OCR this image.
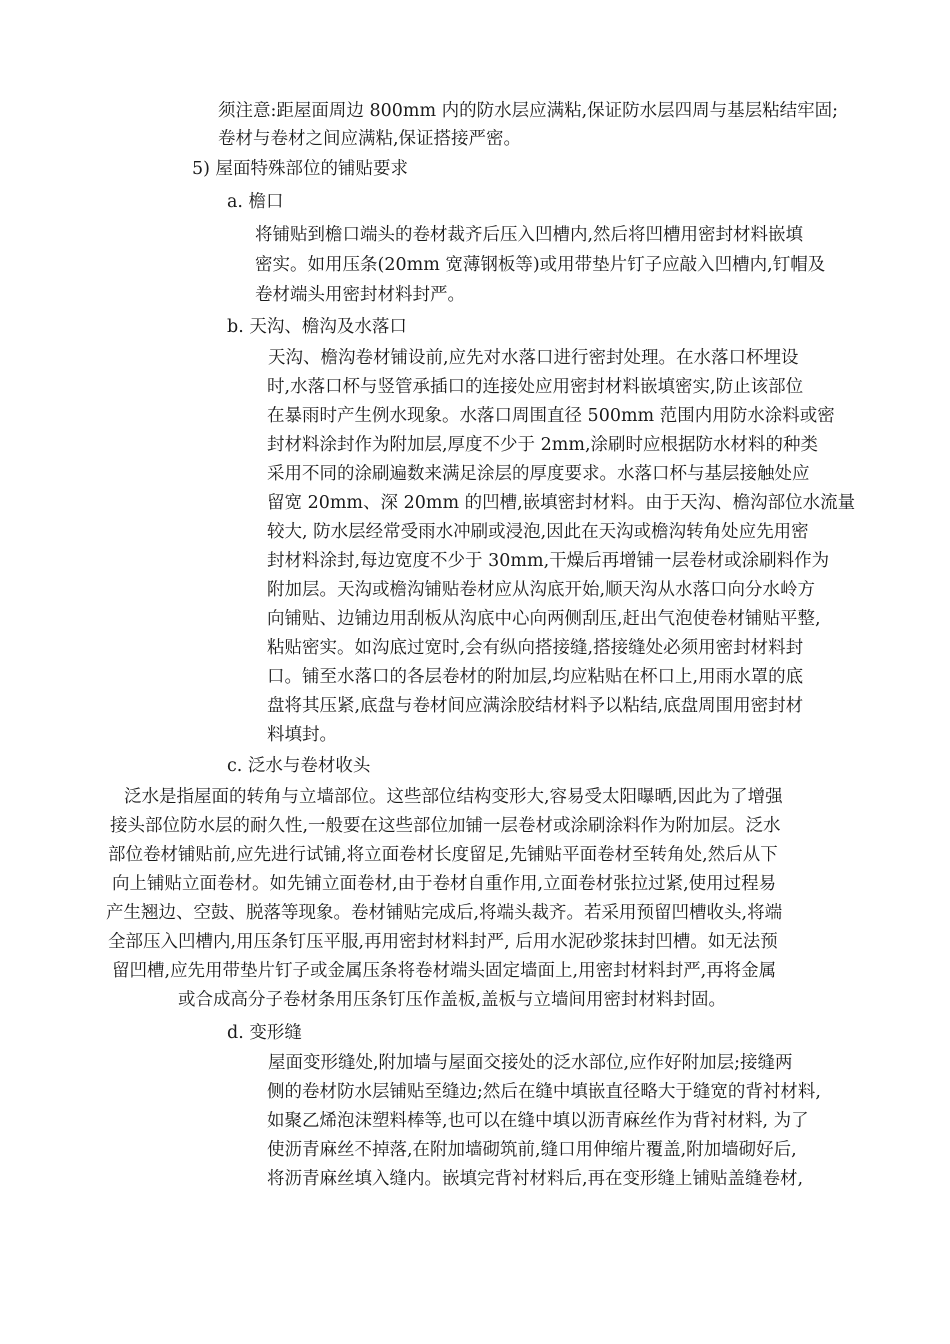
须注意:距屋面周边 800mm 内的防水层应满粘,保证防水层四周与基层粘结牢固;
卷材与卷材之间应满粘,保证搭接严密。
5) 屋面特殊部位的铺贴要求
a. 檐口
将铺贴到檐口端头的卷材裁齐后压入凹槽内,然后将凹槽用密封材料嵌填
密实。如用压条(20mm 宽薄钢板等)或用带垫片钉子应敲入凹槽内,钉帽及
卷材端头用密封材料封严。
b. 天沟、檐沟及水落口
天沟、檐沟卷材铺设前,应先对水落口进行密封处理。在水落口杯埋设
时,水落口杯与竖管承插口的连接处应用密封材料嵌填密实,防止该部位
在暴雨时产生例水现象。水落口周围直径 500mm 范围内用防水涂料或密
封材料涂封作为附加层,厚度不少于 2mm,涂刷时应根据防水材料的种类
采用不同的涂刷遍数来满足涂层的厚度要求。水落口杯与基层接触处应
留宽 20mm、深 20mm 的凹槽,嵌填密封材料。由于天沟、檐沟部位水流量
较大, 防水层经常受雨水冲刷或浸泡,因此在天沟或檐沟转角处应先用密
封材料涂封,每边宽度不少于 30mm,干燥后再增铺一层卷材或涂刷料作为
附加层。天沟或檐沟铺贴卷材应从沟底开始,顺天沟从水落口向分水岭方
向铺贴、边铺边用刮板从沟底中心向两侧刮压,赶出气泡使卷材铺贴平整,
粘贴密实。如沟底过宽时,会有纵向搭接缝,搭接缝处必须用密封材料封
口。铺至水落口的各层卷材的附加层,均应粘贴在杯口上,用雨水罩的底
盘将其压紧,底盘与卷材间应满涂胶结材料予以粘结,底盘周围用密封材
料填封。
c. 泛水与卷材收头
泛水是指屋面的转角与立墙部位。这些部位结构变形大,容易受太阳曝晒,因此为了增强
接头部位防水层的耐久性,一般要在这些部位加铺一层卷材或涂刷涂料作为附加层。泛水
部位卷材铺贴前,应先进行试铺,将立面卷材长度留足,先铺贴平面卷材至转角处,然后从下
向上铺贴立面卷材。如先铺立面卷材,由于卷材自重作用,立面卷材张拉过紧,使用过程易
产生翘边、空鼓、脱落等现象。卷材铺贴完成后,将端头裁齐。若采用预留凹槽收头,将端
全部压入凹槽内,用压条钉压平服,再用密封材料封严, 后用水泥砂浆抹封凹槽。如无法预
留凹槽,应先用带垫片钉子或金属压条将卷材端头固定墙面上,用密封材料封严,再将金属
或合成高分子卷材条用压条钉压作盖板,盖板与立墙间用密封材料封固。
d. 变形缝
屋面变形缝处,附加墙与屋面交接处的泛水部位,应作好附加层;接缝两
侧的卷材防水层铺贴至缝边;然后在缝中填嵌直径略大于缝宽的背衬材料,
如聚乙烯泡沫塑料棒等,也可以在缝中填以沥青麻丝作为背衬材料, 为了
使沥青麻丝不掉落,在附加墙砌筑前,缝口用伸缩片覆盖,附加墙砌好后,
将沥青麻丝填入缝内。嵌填完背衬材料后,再在变形缝上铺贴盖缝卷材,
